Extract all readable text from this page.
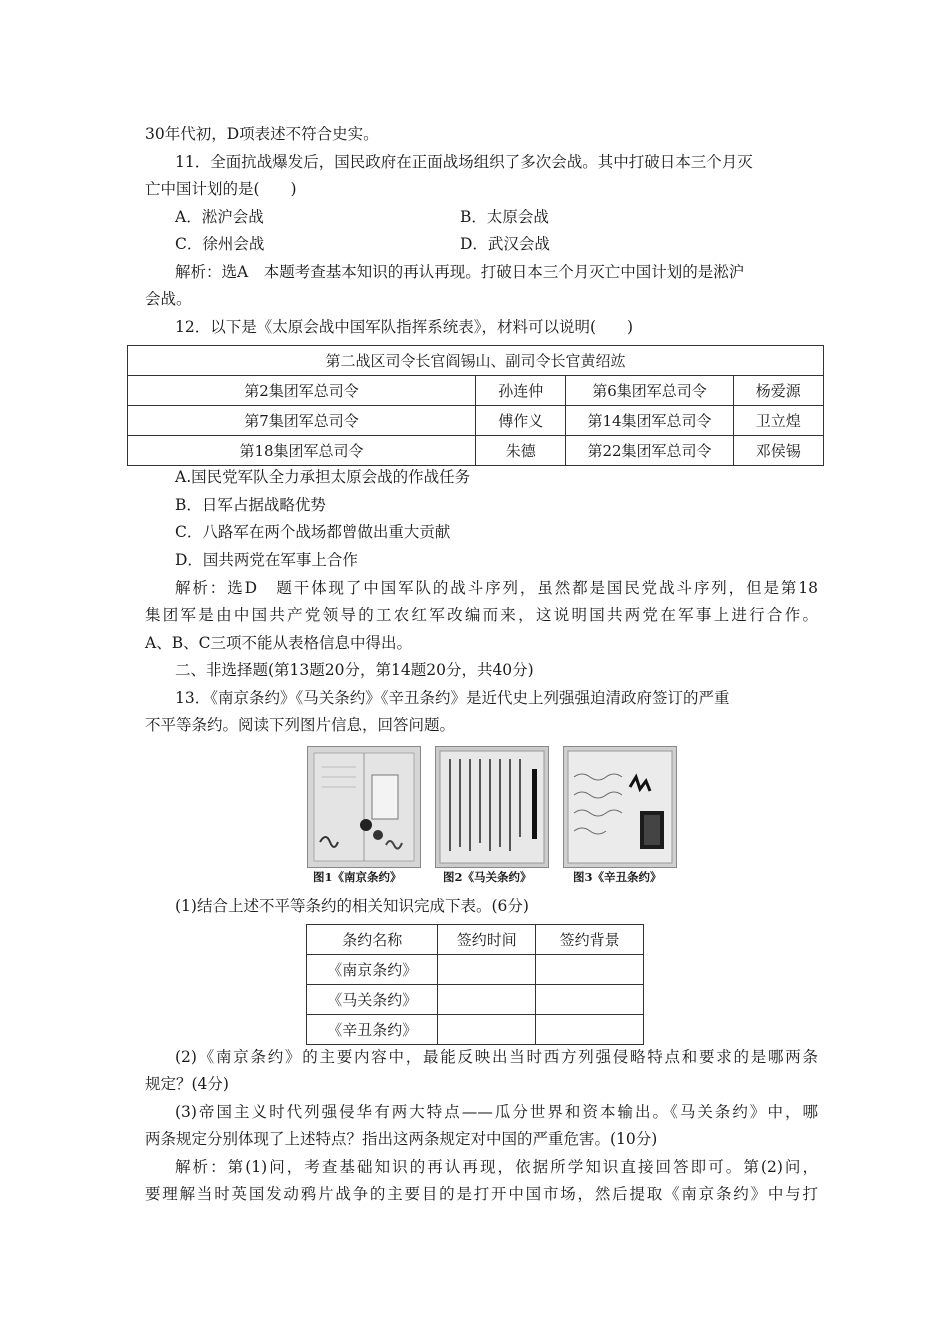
30年代初，D项表述不符合史实。
11．全面抗战爆发后，国民政府在正面战场组织了多次会战。其中打破日本三个月灭
亡中国计划的是(　　)
A．淞沪会战	B．太原会战
C．徐州会战	D．武汉会战
解析：选A　本题考查基本知识的再认再现。打破日本三个月灭亡中国计划的是淞沪
会战。
12．以下是《太原会战中国军队指挥系统表》，材料可以说明(　　)
第二战区司令长官阎锡山、副司令长官黄绍竑			
第2集团军总司令	孙连仲	第6集团军总司令	杨爱源
第7集团军总司令	傅作义	第14集团军总司令	卫立煌
第18集团军总司令	朱德	第22集团军总司令	邓侯锡
A.国民党军队全力承担太原会战的作战任务
B．日军占据战略优势
C．八路军在两个战场都曾做出重大贡献
D．国共两党在军事上合作
解析：选D　题干体现了中国军队的战斗序列，虽然都是国民党战斗序列，但是第18
集团军是由中国共产党领导的工农红军改编而来，这说明国共两党在军事上进行合作。
A、B、C三项不能从表格信息中得出。
二、非选择题(第13题20分，第14题20分，共40分)
13．《南京条约》《马关条约》《辛丑条约》是近代史上列强强迫清政府签订的严重
不平等条约。阅读下列图片信息，回答问题。
图1《南京条约》	图2《马关条约》	图3《辛丑条约》
(1)结合上述不平等条约的相关知识完成下表。(6分)
条约名称	签约时间	签约背景
《南京条约》		
《马关条约》		
《辛丑条约》		
(2)《南京条约》的主要内容中，最能反映出当时西方列强侵略特点和要求的是哪两条
规定？(4分)
(3)帝国主义时代列强侵华有两大特点——瓜分世界和资本输出。《马关条约》中，哪
两条规定分别体现了上述特点？指出这两条规定对中国的严重危害。(10分)
解析：第(1)问，考查基础知识的再认再现，依据所学知识直接回答即可。第(2)问，
要理解当时英国发动鸦片战争的主要目的是打开中国市场，然后提取《南京条约》中与打
